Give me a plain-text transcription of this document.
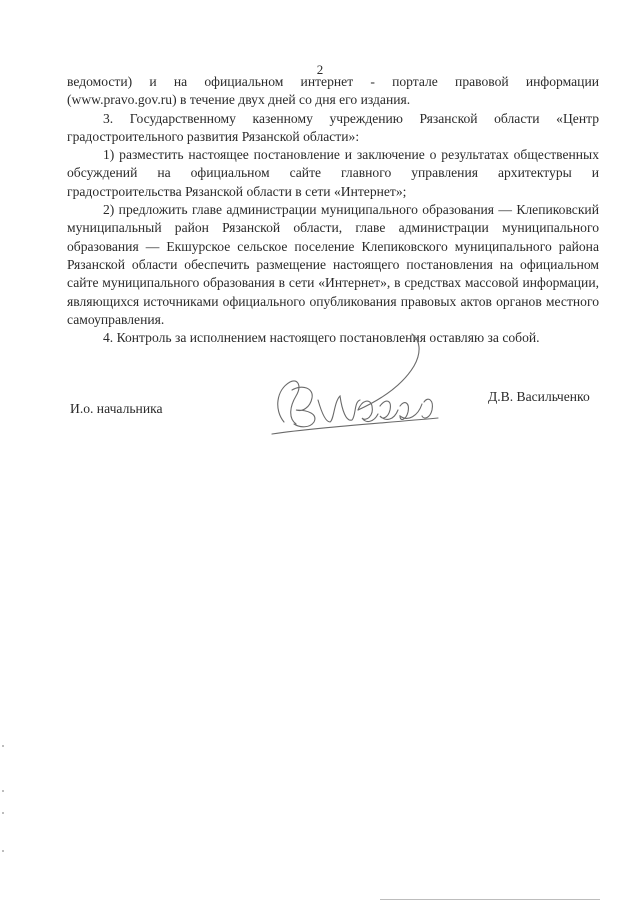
2

ведомости) и на официальном интернет - портале правовой информации (www.pravo.gov.ru) в течение двух дней со дня его издания.

3. Государственному казенному учреждению Рязанской области «Центр градостроительного развития Рязанской области»:

1) разместить настоящее постановление и заключение о результатах общественных обсуждений на официальном сайте главного управления архитектуры и градостроительства Рязанской области в сети «Интернет»;

2) предложить главе администрации муниципального образования — Клепиковский муниципальный район Рязанской области, главе администрации муниципального образования — Екшурское сельское поселение Клепиковского муниципального района Рязанской области обеспечить размещение настоящего постановления на официальном сайте муниципального образования в сети «Интернет», в средствах массовой информации, являющихся источниками официального опубликования правовых актов органов местного самоуправления.

4. Контроль за исполнением настоящего постановления оставляю за собой.

И.о. начальника
Д.В. Васильченко
